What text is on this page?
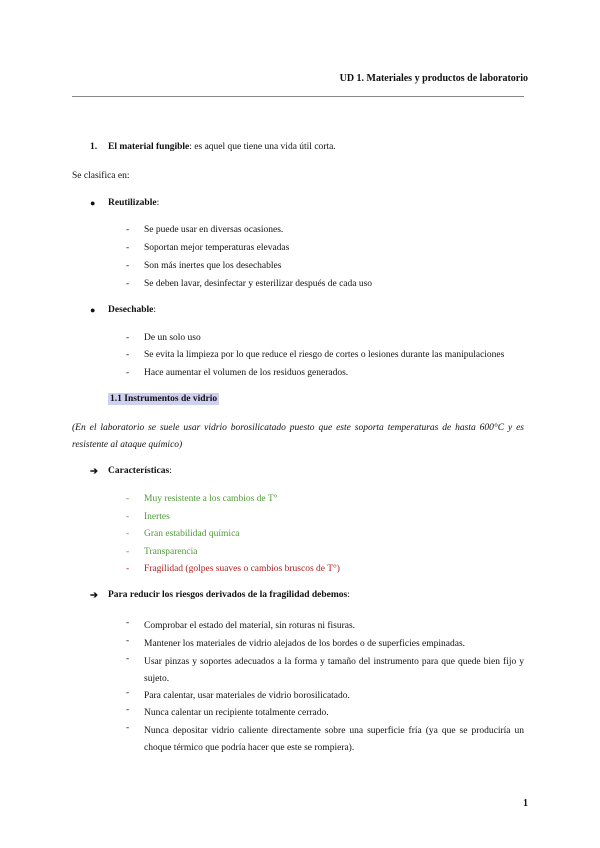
UD 1. Materiales y productos de laboratorio
1. El material fungible: es aquel que tiene una vida útil corta.
Se clasifica en:
● Reutilizable:
- Se puede usar en diversas ocasiones.
- Soportan mejor temperaturas elevadas
- Son más inertes que los desechables
- Se deben lavar, desinfectar y esterilizar después de cada uso
● Desechable:
- De un solo uso
- Se evita la limpieza por lo que reduce el riesgo de cortes o lesiones durante las manipulaciones
- Hace aumentar el volumen de los residuos generados.
1.1 Instrumentos de vidrio
(En el laboratorio se suele usar vidrio borosilicatado puesto que este soporta temperaturas de hasta 600°C y es resistente al ataque químico)
➔ Características:
- Muy resistente a los cambios de T°
- Inertes
- Gran estabilidad química
- Transparencia
- Fragilidad (golpes suaves o cambios bruscos de T°)
➔ Para reducir los riesgos derivados de la fragilidad debemos:
- Comprobar el estado del material, sin roturas ni fisuras.
- Mantener los materiales de vidrio alejados de los bordes o de superficies empinadas.
- Usar pinzas y soportes adecuados a la forma y tamaño del instrumento para que quede bien fijo y sujeto.
- Para calentar, usar materiales de vidrio borosilicatado.
- Nunca calentar un recipiente totalmente cerrado.
- Nunca depositar vidrio caliente directamente sobre una superficie fría (ya que se produciría un choque térmico que podría hacer que este se rompiera).
1
